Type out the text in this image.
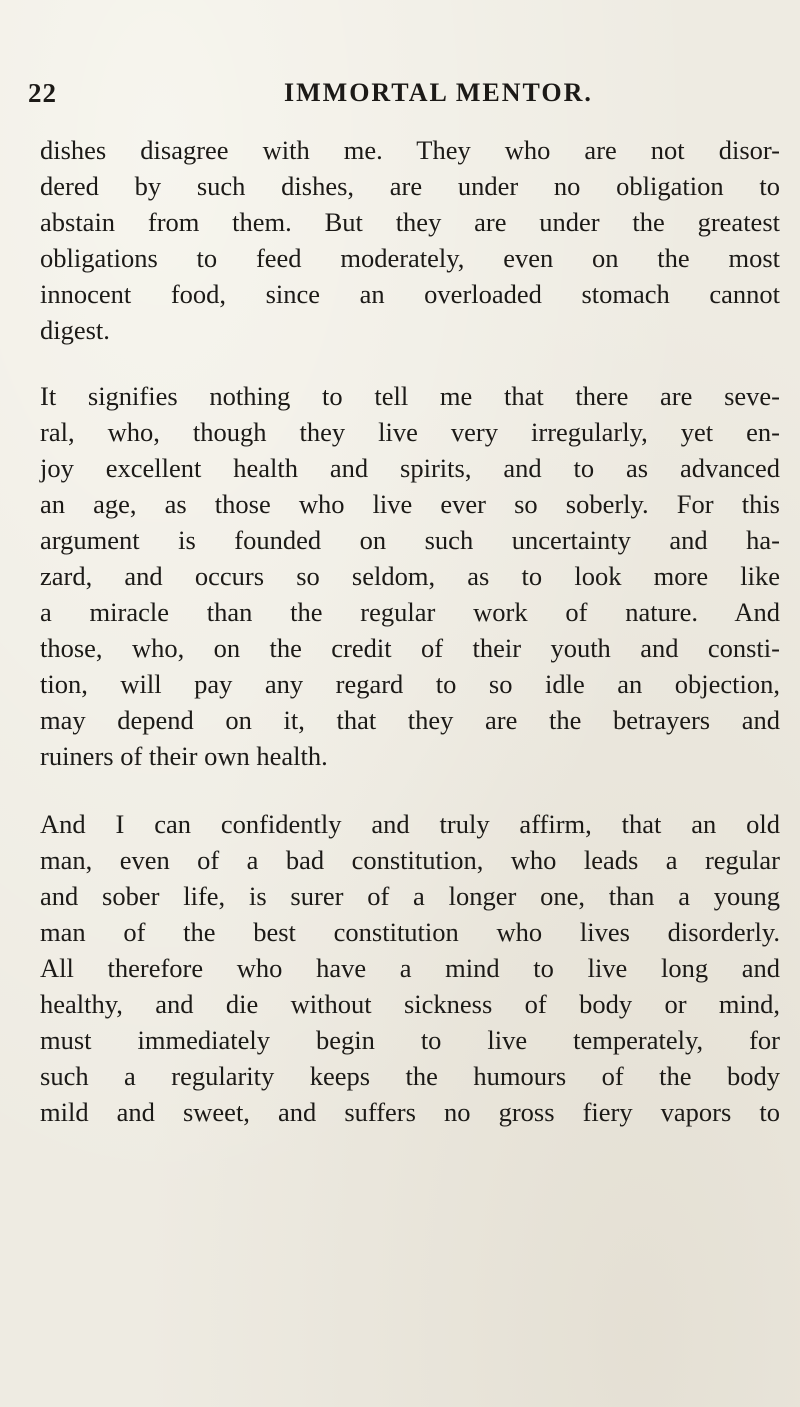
22	IMMORTAL MENTOR.
dishes disagree with me. They who are not disor-
dered by such dishes, are under no obligation to
abstain from them. But they are under the greatest
obligations to feed moderately, even on the most
innocent food, since an overloaded stomach cannot
digest.
It signifies nothing to tell me that there are seve-
ral, who, though they live very irregularly, yet en-
joy excellent health and spirits, and to as advanced
an age, as those who live ever so soberly. For this
argument is founded on such uncertainty and ha-
zard, and occurs so seldom, as to look more like
a miracle than the regular work of nature. And
those, who, on the credit of their youth and consti-
tion, will pay any regard to so idle an objection,
may depend on it, that they are the betrayers and
ruiners of their own health.
And I can confidently and truly affirm, that an old
man, even of a bad constitution, who leads a regular
and sober life, is surer of a longer one, than a young
man of the best constitution who lives disorderly.
All therefore who have a mind to live long and
healthy, and die without sickness of body or mind,
must immediately begin to live temperately, for
such a regularity keeps the humours of the body
mild and sweet, and suffers no gross fiery vapors to
